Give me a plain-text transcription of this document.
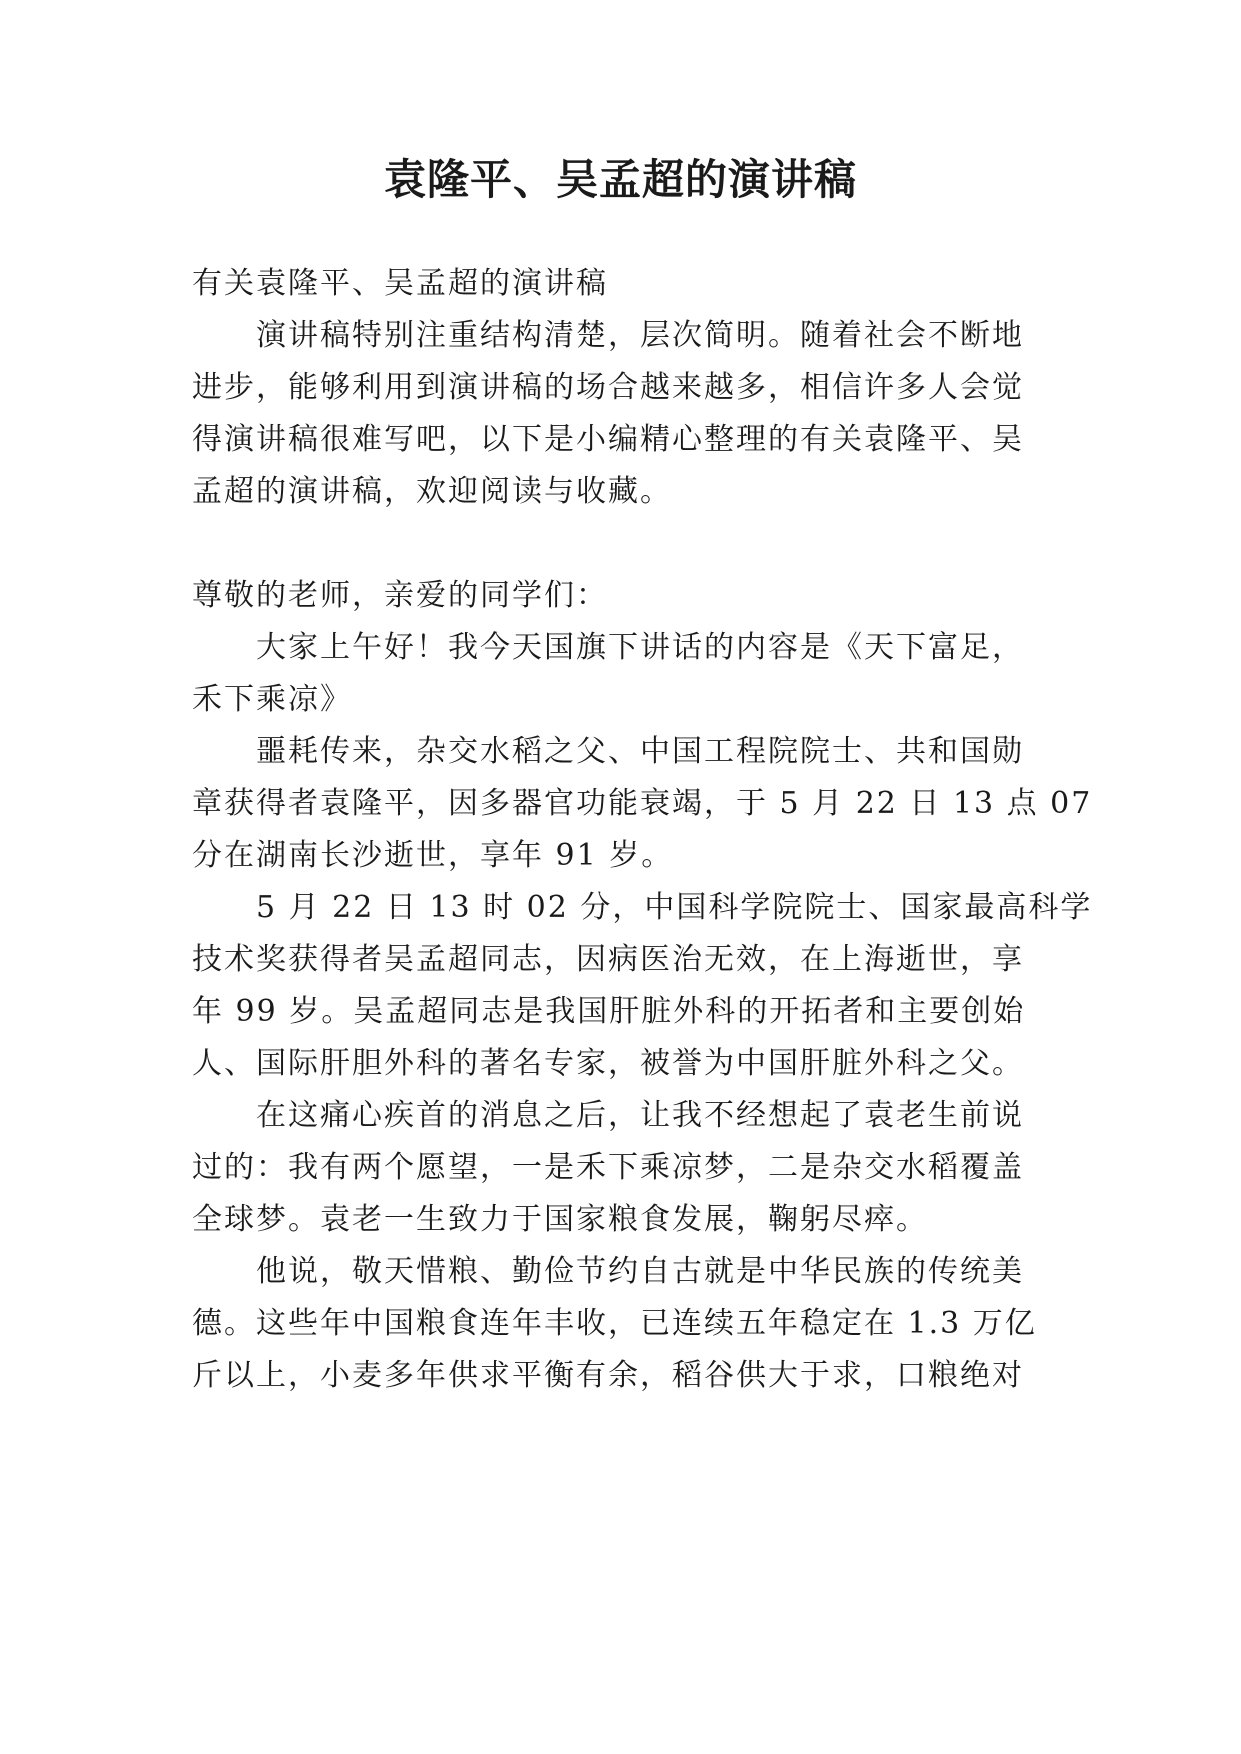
袁隆平、吴孟超的演讲稿
有关袁隆平、吴孟超的演讲稿
演讲稿特别注重结构清楚，层次简明。随着社会不断地
进步，能够利用到演讲稿的场合越来越多，相信许多人会觉
得演讲稿很难写吧，以下是小编精心整理的有关袁隆平、吴
孟超的演讲稿，欢迎阅读与收藏。
尊敬的老师，亲爱的同学们：
大家上午好！我今天国旗下讲话的内容是《天下富足，
禾下乘凉》
噩耗传来，杂交水稻之父、中国工程院院士、共和国勋
章获得者袁隆平，因多器官功能衰竭，于 5 月 22 日 13 点 07
分在湖南长沙逝世，享年 91 岁。
5 月 22 日 13 时 02 分，中国科学院院士、国家最高科学
技术奖获得者吴孟超同志，因病医治无效，在上海逝世，享
年 99 岁。吴孟超同志是我国肝脏外科的开拓者和主要创始
人、国际肝胆外科的著名专家，被誉为中国肝脏外科之父。
在这痛心疾首的消息之后，让我不经想起了袁老生前说
过的：我有两个愿望，一是禾下乘凉梦，二是杂交水稻覆盖
全球梦。袁老一生致力于国家粮食发展，鞠躬尽瘁。
他说，敬天惜粮、勤俭节约自古就是中华民族的传统美
德。这些年中国粮食连年丰收，已连续五年稳定在 1.3 万亿
斤以上，小麦多年供求平衡有余，稻谷供大于求，口粮绝对
